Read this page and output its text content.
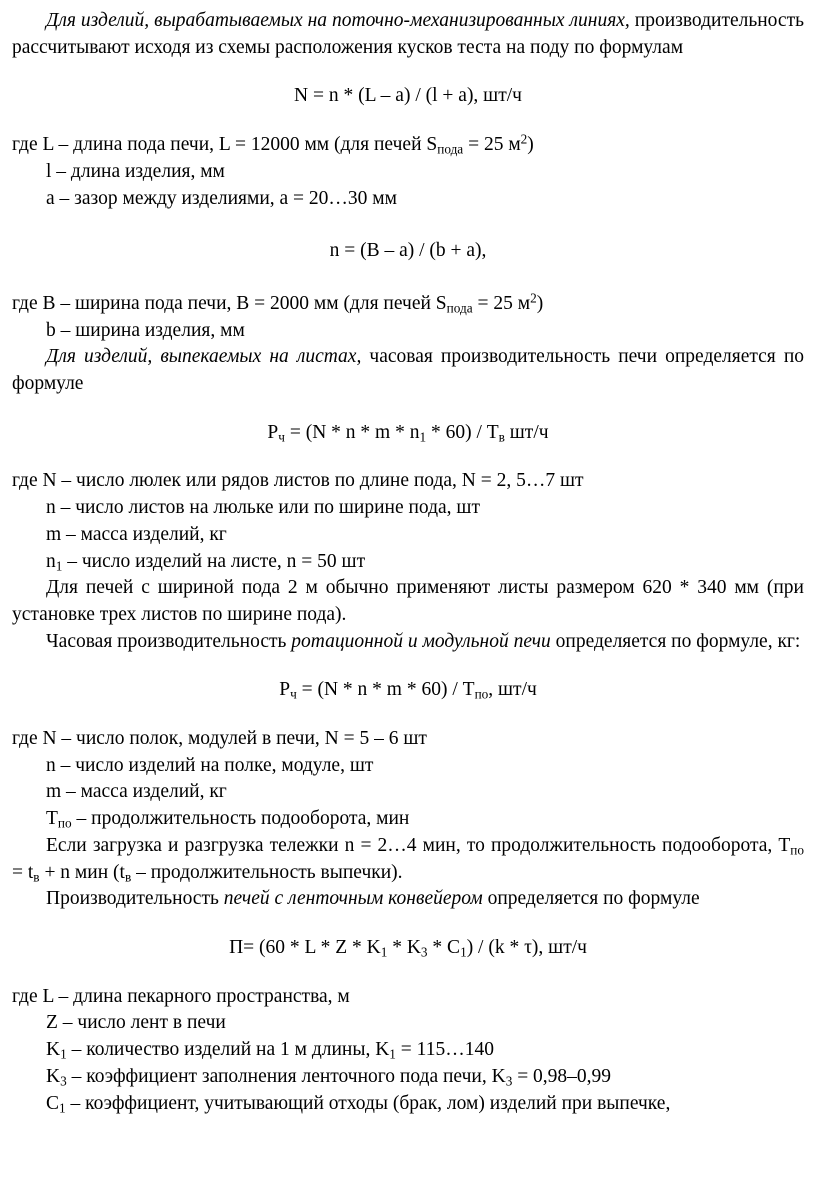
Для изделий, вырабатываемых на поточно-механизированных линиях, производительность рассчитывают исходя из схемы расположения кусков теста на поду по формулам

N = n * (L – a) / (l + a), шт/ч

где L – длина пода печи, L = 12000 мм (для печей $S_{пода} = 25$ $м^2$)

l – длина изделия, мм

a – зазор между изделиями, a = 20…30 мм

n = (B – a) / (b + a),

где B – ширина пода печи, B = 2000 мм (для печей $S_{пода} = 25$ $м^2$)

b – ширина изделия, мм

Для изделий, выпекаемых на листах, часовая производительность печи определяется по формуле

$P_ч = (N * n * m * n_1 * 60) / T_в$ шт/ч

где N – число люлек или рядов листов по длине пода, N = 2, 5…7 шт

n – число листов на люльке или по ширине пода, шт

m – масса изделий, кг

$n_1$ – число изделий на листе, n = 50 шт

Для печей с шириной пода 2 м обычно применяют листы размером 620 * 340 мм (при установке трех листов по ширине пода).

Часовая производительность ротационной и модульной печи определяется по формуле, кг:

$P_ч = (N * n * m * 60) / T_{по}$, шт/ч

где N – число полок, модулей в печи, N = 5 – 6 шт

n – число изделий на полке, модуле, шт

m – масса изделий, кг

$T_{по}$ – продолжительность подооборота, мин

Если загрузка и разгрузка тележки n = 2…4 мин, то продолжительность подооборота, $T_{по} = t_в + n$ мин ($t_в$ – продолжительность выпечки).

Производительность печей с ленточным конвейером определяется по формуле

$П= (60 * L * Z * K_1 * K_3 * C_1) / (k * \tau)$, шт/ч

где L – длина пекарного пространства, м

Z – число лент в печи

$K_1$ – количество изделий на 1 м длины, $K_1$ = 115…140

$K_3$ – коэффициент заполнения ленточного пода печи, $K_3 = 0,98-0,99$

$C_1$ – коэффициент, учитывающий отходы (брак, лом) изделий при выпечке,
